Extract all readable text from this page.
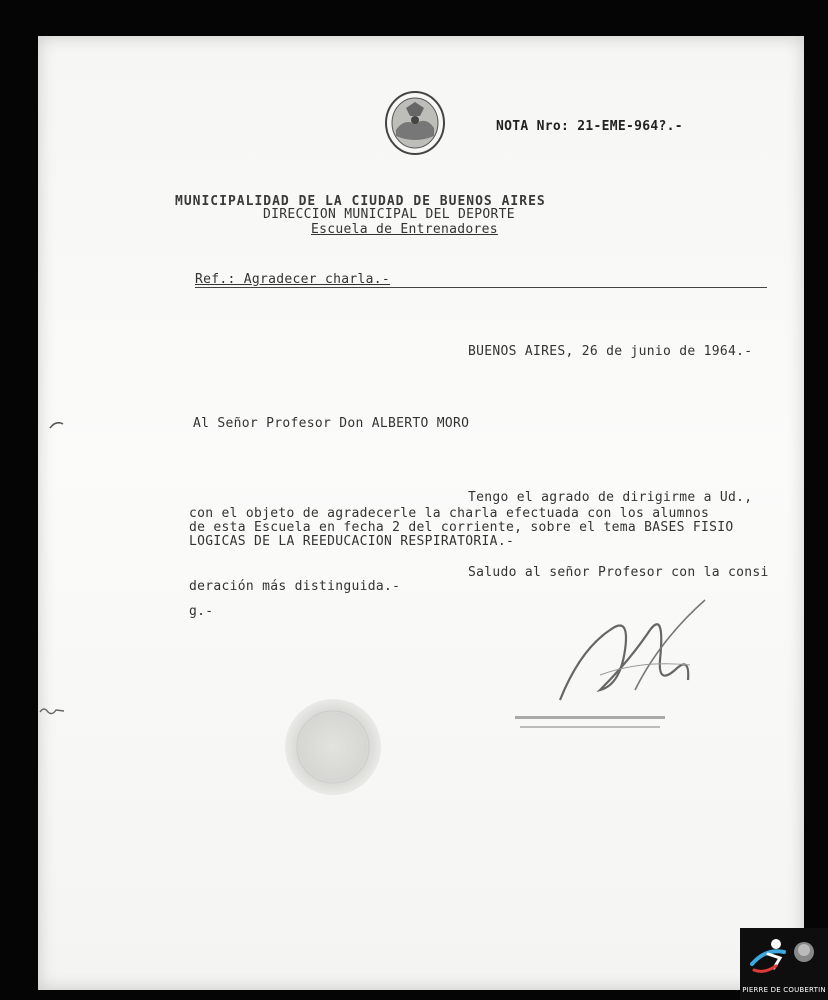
NOTA Nro: 21-EME-964?.-
MUNICIPALIDAD DE LA CIUDAD DE BUENOS AIRES
DIRECCION MUNICIPAL DEL DEPORTE
Escuela de Entrenadores
Ref.: Agradecer charla.-
BUENOS AIRES, 26 de junio de 1964.-
Al Señor Profesor Don ALBERTO MORO
Tengo el agrado de dirigirme a Ud.,
con el objeto de agradecerle la charla efectuada con los alumnos
de esta Escuela en fecha 2 del corriente, sobre el tema BASES FISIO
LOGICAS DE LA REEDUCACION RESPIRATORIA.-
Saludo al señor Profesor con la consi
deración más distinguida.-
g.-
PIERRE DE COUBERTIN
